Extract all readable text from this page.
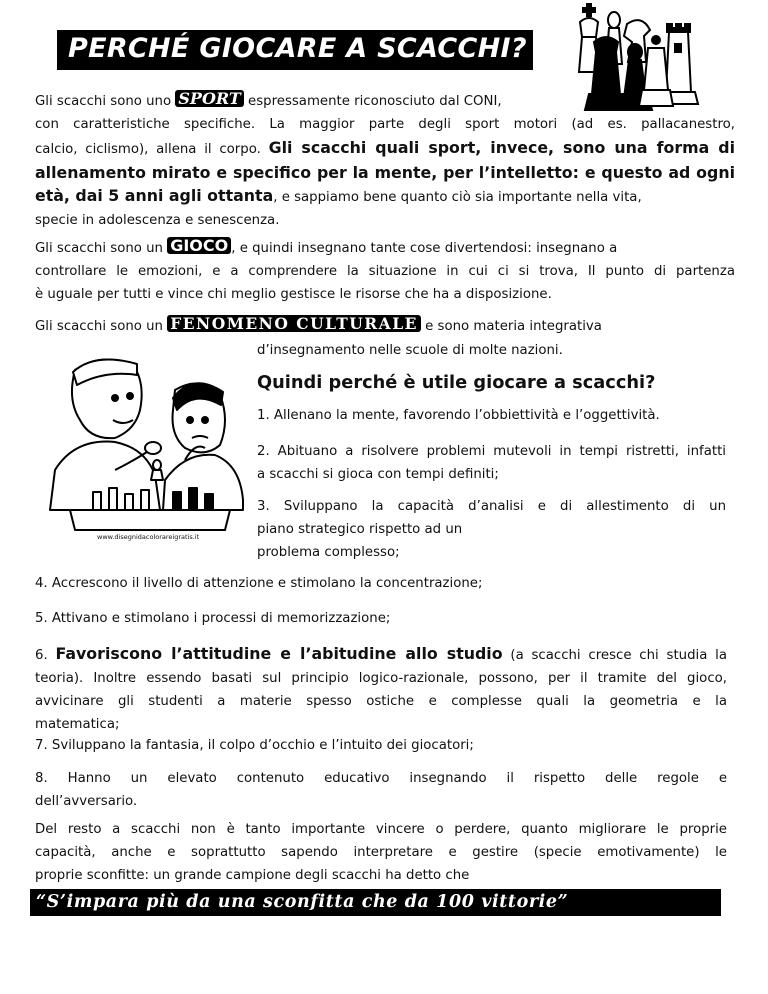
PERCHÉ GIOCARE A SCACCHI?
Gli scacchi sono uno SPORT espressamente riconosciuto dal CONI,
con caratteristiche specifiche. La maggior parte degli sport motori (ad es. pallacanestro,
calcio, ciclismo), allena il corpo. Gli scacchi quali sport, invece, sono una forma di
allenamento mirato e specifico per la mente, per l’intelletto: e questo ad ogni
età, dai 5 anni agli ottanta, e sappiamo bene quanto ciò sia importante nella vita,
specie in adolescenza e senescenza.
Gli scacchi sono un GIOCO , e quindi insegnano tante cose divertendosi: insegnano a
controllare le emozioni, e a comprendere la situazione in cui ci si trova, Il punto di partenza
è uguale per tutti e vince chi meglio gestisce le risorse che ha a disposizione.
Gli scacchi sono un FENOMENO CULTURALE e sono materia integrativa
d’insegnamento nelle scuole di molte nazioni.
www.disegnidacolorareigratis.it
Quindi perché è utile giocare a scacchi?
1. Allenano la mente, favorendo l’obbiettività e l’oggettività.
2. Abituano a risolvere problemi mutevoli in tempi ristretti, infatti
a scacchi si gioca con tempi definiti;
3. Sviluppano la capacità d’analisi e di allestimento di un
piano strategico rispetto ad un
problema complesso;
4. Accrescono il livello di attenzione e stimolano la concentrazione;
5. Attivano e stimolano i processi di memorizzazione;
6. Favoriscono l’attitudine e l’abitudine allo studio (a scacchi cresce chi studia la
teoria). Inoltre essendo basati sul principio logico-razionale, possono, per il tramite del gioco,
avvicinare gli studenti a materie spesso ostiche e complesse quali la geometria e la
matematica;
7. Sviluppano la fantasia, il colpo d’occhio e l’intuito dei giocatori;
8. Hanno un elevato contenuto educativo insegnando il rispetto delle regole e
dell’avversario.
Del resto a scacchi non è tanto importante vincere o perdere, quanto migliorare le proprie
capacità, anche e soprattutto sapendo interpretare e gestire (specie emotivamente) le
proprie sconfitte: un grande campione degli scacchi ha detto che
“S’impara più da una sconfitta che da 100 vittorie”
